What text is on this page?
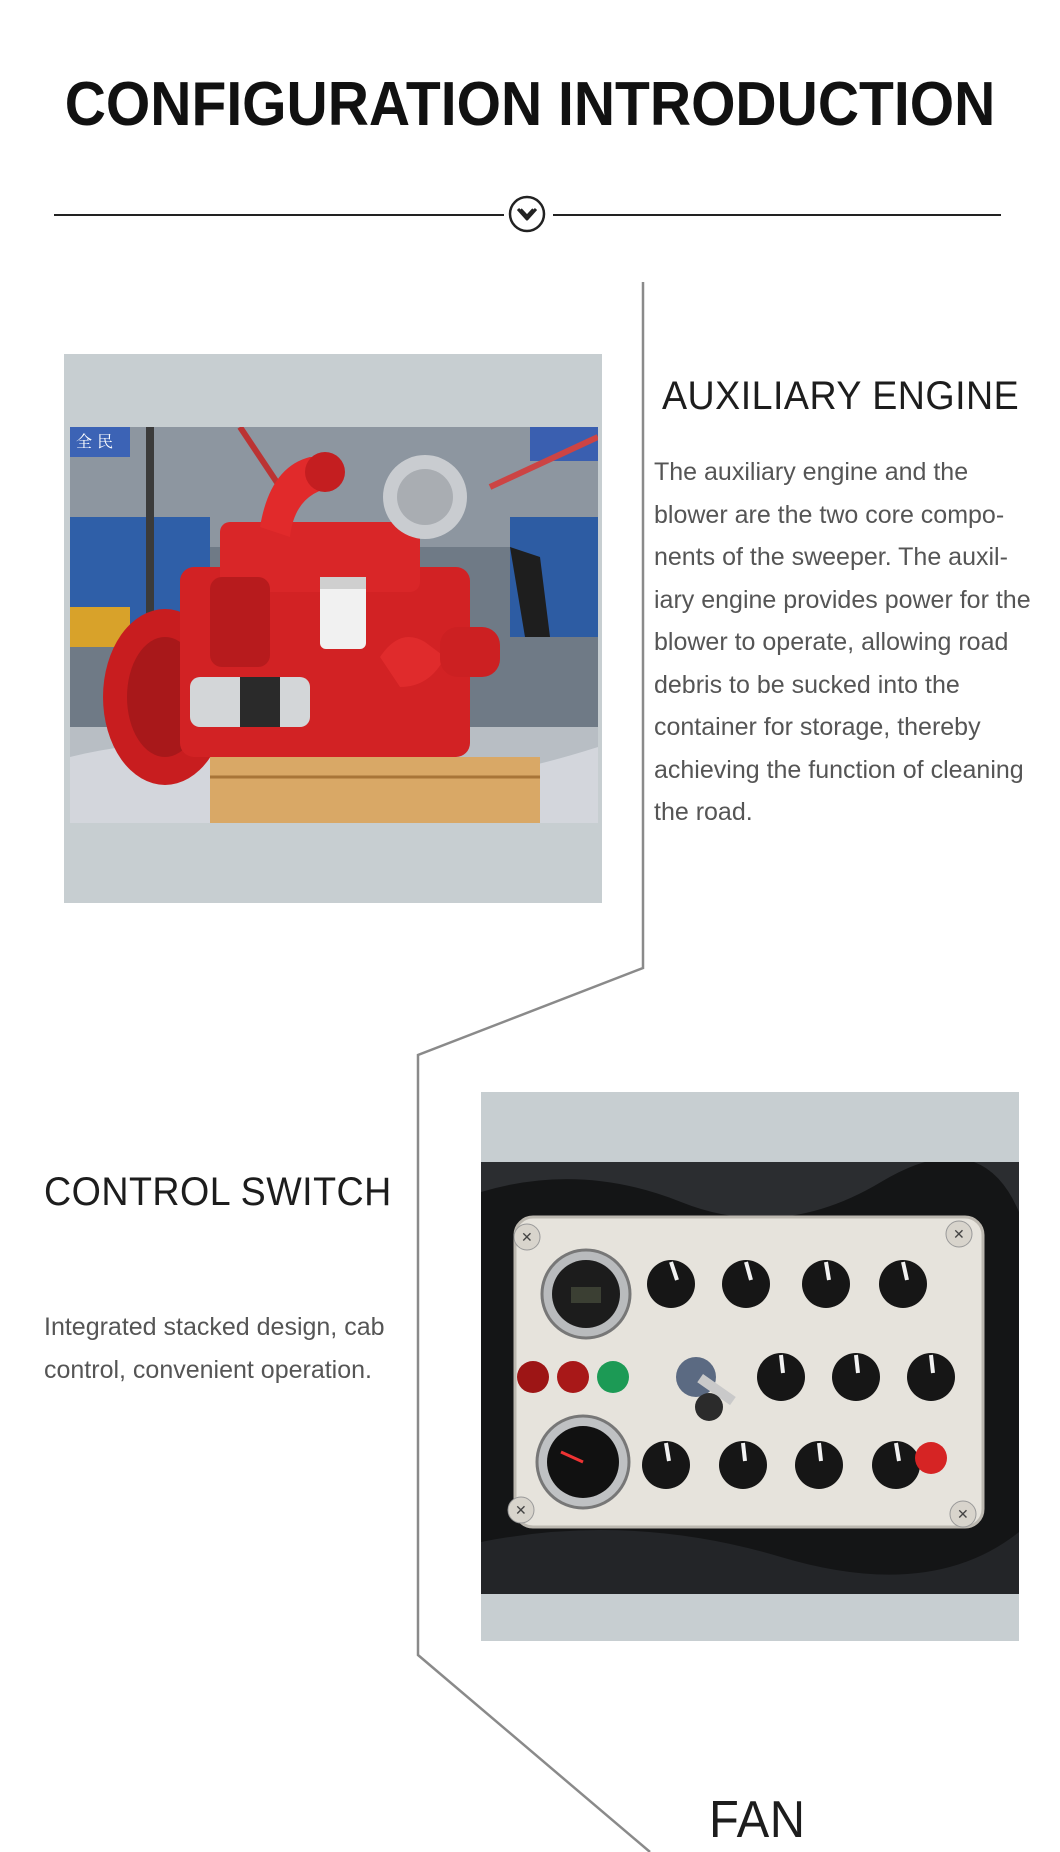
CONFIGURATION INTRODUCTION
全 民
AUXILIARY ENGINE
The auxiliary engine and the blower are the two core compo-nents of the sweeper. The auxil-iary engine provides power for the blower to operate, allowing road debris to be sucked into the container for storage, thereby achieving the function of cleaning the road.
CONTROL SWITCH
Integrated stacked design, cab control, convenient operation.
✕	✕
✕	✕
FAN
